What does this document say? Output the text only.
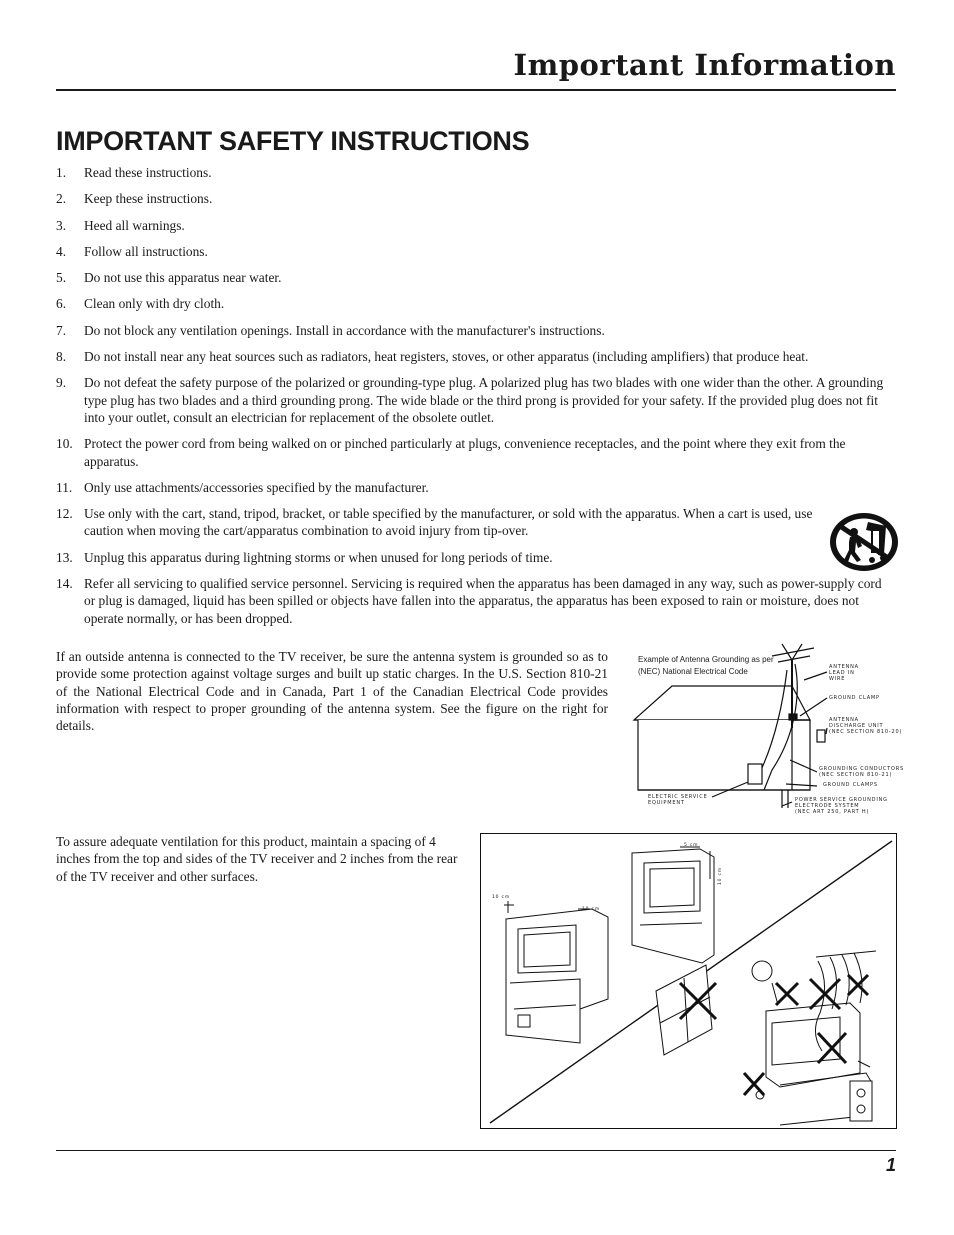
Important Information
IMPORTANT SAFETY INSTRUCTIONS
1. Read these instructions.
2. Keep these instructions.
3. Heed all warnings.
4. Follow all instructions.
5. Do not use this apparatus near water.
6. Clean only with dry cloth.
7. Do not block any ventilation openings. Install in accordance with the manufacturer's instructions.
8. Do not install near any heat sources such as radiators, heat registers, stoves, or other apparatus (including amplifiers) that produce heat.
9. Do not defeat the safety purpose of the polarized or grounding-type plug. A polarized plug has two blades with one wider than the other. A grounding type plug has two blades and a third grounding prong. The wide blade or the third prong is provided for your safety. If the provided plug does not fit into your outlet, consult an electrician for replacement of the obsolete outlet.
10. Protect the power cord from being walked on or pinched particularly at plugs, convenience receptacles, and the point where they exit from the apparatus.
11. Only use attachments/accessories specified by the manufacturer.
12. Use only with the cart, stand, tripod, bracket, or table specified by the manufacturer, or sold with the apparatus. When a cart is used, use caution when moving the cart/apparatus combination to avoid injury from tip-over.
13. Unplug this apparatus during lightning storms or when unused for long periods of time.
14. Refer all servicing to qualified service personnel. Servicing is required when the apparatus has been damaged in any way, such as power-supply cord or plug is damaged, liquid has been spilled or objects have fallen into the apparatus, the apparatus has been exposed to rain or moisture, does not operate normally, or has been dropped.
If an outside antenna is connected to the TV receiver, be sure the antenna system is grounded so as to provide some protection against voltage surges and built up static charges. In the U.S. Section 810-21 of the National Electrical Code and in Canada, Part 1 of the Canadian Electrical Code provides information with respect to proper grounding of the antenna system. See the figure on the right for details.
Example of Antenna Grounding as per
(NEC) National Electrical Code	ANTENNA
LEAD IN
WIRE
GROUND CLAMP
ANTENNA
DISCHARGE UNIT
(NEC SECTION 810-20)
GROUNDING CONDUCTORS
(NEC SECTION 810-21)
GROUND CLAMPS
ELECTRIC SERVICE
EQUIPMENT	POWER SERVICE GROUNDING
ELECTRODE SYSTEM
(NEC ART 250, PART H)
To assure adequate ventilation for this product, maintain a spacing of 4 inches from the top and sides of the TV receiver and 2 inches from the rear of the TV receiver and other surfaces.
5 cm
10 cm
10 cm
10 cm
1
